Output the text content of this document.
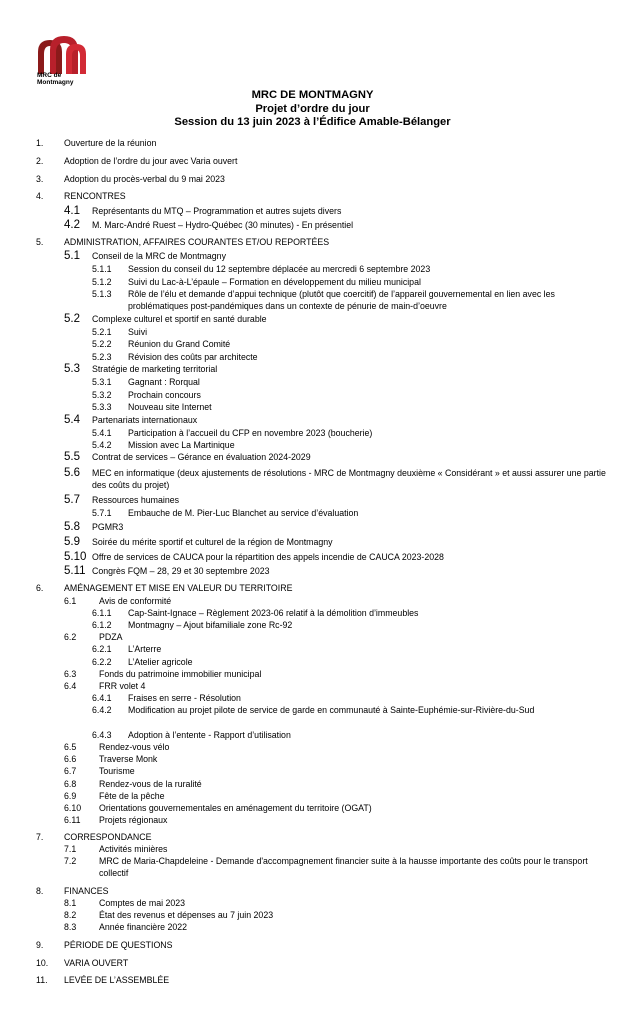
MRC de
Montmagny
MRC DE MONTMAGNY
Projet d’ordre du jour
Session du 13 juin 2023 à l’Édifice Amable-Bélanger
1. Ouverture de la réunion
2. Adoption de l’ordre du jour avec Varia ouvert
3. Adoption du procès-verbal du 9 mai 2023
4. RENCONTRES
4.1 Représentants du MTQ – Programmation et autres sujets divers
4.2 M. Marc-André Ruest – Hydro-Québec (30 minutes) - En présentiel
5. ADMINISTRATION, AFFAIRES COURANTES ET/OU REPORTÉES
5.1 Conseil de la MRC de Montmagny
5.1.1 Session du conseil du 12 septembre déplacée au mercredi 6 septembre 2023
5.1.2 Suivi du Lac-à-L’épaule – Formation en développement du milieu municipal
5.1.3 Rôle de l’élu et demande d’appui technique (plutôt que coercitif) de l’appareil gouvernemental en lien avec les problématiques post-pandémiques dans un contexte de pénurie de main-d’oeuvre
5.2 Complexe culturel et sportif en santé durable
5.2.1 Suivi
5.2.2 Réunion du Grand Comité
5.2.3 Révision des coûts par architecte
5.3 Stratégie de marketing territorial
5.3.1 Gagnant : Rorqual
5.3.2 Prochain concours
5.3.3 Nouveau site Internet
5.4 Partenariats internationaux
5.4.1 Participation à l’accueil du CFP en novembre 2023 (boucherie)
5.4.2 Mission avec La Martinique
5.5 Contrat de services – Gérance en évaluation 2024-2029
5.6 MEC en informatique (deux ajustements de résolutions - MRC de Montmagny deuxième « Considérant » et aussi assurer une partie des coûts du projet)
5.7 Ressources humaines
5.7.1 Embauche de M. Pier-Luc Blanchet au service d’évaluation
5.8 PGMR3
5.9 Soirée du mérite sportif et culturel de la région de Montmagny
5.10 Offre de services de CAUCA pour la répartition des appels incendie de CAUCA 2023-2028
5.11 Congrès FQM – 28, 29 et 30 septembre 2023
6. AMÉNAGEMENT ET MISE EN VALEUR DU TERRITOIRE
6.1	Avis de conformité
6.1.1 Cap-Saint-Ignace – Règlement 2023-06 relatif à la démolition d’immeubles
6.1.2 Montmagny – Ajout bifamiliale zone Rc-92
6.2	PDZA
6.2.1 L’Arterre
6.2.2 L’Atelier agricole
6.3	Fonds du patrimoine immobilier municipal
6.4	FRR volet 4
6.4.1 Fraises en serre - Résolution
6.4.2 Modification au projet pilote de service de garde en communauté à Sainte-Euphémie-sur-Rivière-du-Sud
6.4.3 Adoption à l’entente - Rapport d’utilisation
6.5	Rendez-vous vélo
6.6	Traverse Monk
6.7	Tourisme
6.8	Rendez-vous de la ruralité
6.9	Fête de la pêche
6.10 Orientations gouvernementales en aménagement du territoire (OGAT)
6.11 Projets régionaux
7. CORRESPONDANCE
7.1	Activités minières
7.2	MRC de Maria-Chapdeleine - Demande d'accompagnement financier suite à la hausse importante des coûts pour le transport collectif
8. FINANCES
8.1	Comptes de mai 2023
8.2	État des revenus et dépenses au 7 juin 2023
8.3	Année financière 2022
9. PÉRIODE DE QUESTIONS
10. VARIA OUVERT
11. LEVÉE DE L’ASSEMBLÉE
